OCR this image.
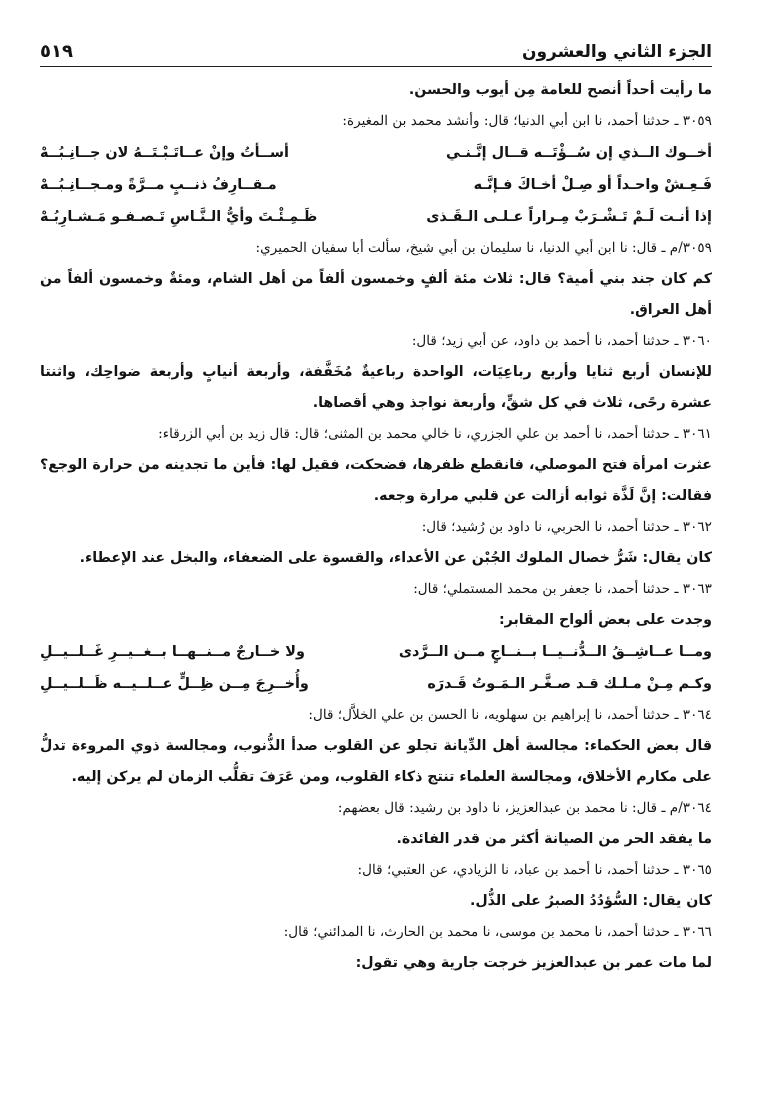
الجزء الثاني والعشرون
٥١٩

ما رأيت أحداً أنصح للعامة مِن أيوب والحسن.

٣٠٥٩ ـ حدثنا أحمد، نا ابن أبي الدنيا؛ قال: وأنشد محمد بن المغيرة:

أخــوك الــذي إن سُــؤْتَــه قــال إنَّـنـي
أســأتُ وإنْ عــاتَـبْـتَــهُ لان جــانِـبُــهْ
فَـعِـشْ واحـداً أو صِـلْ أخـاكَ فـإنَّـه
مـقــارِفُ ذنــبٍ مــرَّةً ومـجــانِـبُــهْ
إذا أنـت لَـمْ تَـشْـرَبْ مِـراراً عـلـى الـقَـذى
ظَـمِـئْـتَ وأيُّ الـنَّـاسِ تَـصـفـو مَـشـارِبُـهْ

٣٠٥٩/م ـ قال: نا ابن أبي الدنيا، نا سليمان بن أبي شيخ، سألت أبا سفيان الحميري:

كم كان جند بني أمية؟ قال: ثلاث مئة ألفٍ وخمسون ألفاً من أهل الشام، ومئةٌ وخمسون ألفاً من أهل العراق.

٣٠٦٠ ـ حدثنا أحمد، نا أحمد بن داود، عن أبي زيد؛ قال:

للإنسان أربع ثنايا وأربع رباعِيَات، الواحدة رباعيةٌ مُخَفَّفة، وأربعة أنيابٍ وأربعة ضواحِك، واثنتا عشرة رحًى، ثلاث في كل شقٍّ، وأربعة نواجذ وهي أقصاها.

٣٠٦١ ـ حدثنا أحمد، نا أحمد بن علي الجزري، نا خالي محمد بن المثنى؛ قال: قال زيد بن أبي الزرقاء:

عثرت امرأة فتح الموصلي، فانقطع ظفرها، فضحكت، فقيل لها: فأين ما تجدينه من حرارة الوجع؟ فقالت: إنَّ لَذَّة ثوابه أزالت عن قلبي مرارة وجعه.

٣٠٦٢ ـ حدثنا أحمد، نا الحربي، نا داود بن رُشيد؛ قال:

كان يقال: شَرُّ خصال الملوك الجُبْن عن الأعداء، والقسوة على الضعفاء، والبخل عند الإعطاء.

٣٠٦٣ ـ حدثنا أحمد، نا جعفر بن محمد المستملي؛ قال:

وجدت على بعض ألواح المقابر:

ومــا عــاشِــقُ الــدُّنــيــا بــنــاجٍ مــن الــرَّدى
ولا خــارجٌ مــنــهــا بــغــيــرِ غَــلــيــلِ
وكـم مِـنْ مـلـك قـد صـغَّـر الـمَـوتُ قَـدرَه
وأُخــرِجَ مِــن ظِــلٍّ عــلــيــه ظَــلــيــلِ

٣٠٦٤ ـ حدثنا أحمد، نا إبراهيم بن سهلويه، نا الحسن بن علي الخلاَّل؛ قال:

قال بعض الحكماء: مجالسة أهل الدِّيانة تجلو عن القلوب صدأ الذُّنوب، ومجالسة ذوي المروءة تدلُّ على مكارم الأخلاق، ومجالسة العلماء تنتج ذكاء القلوب، ومن عَرَفَ تقلُّب الزمان لم يركن إليه.

٣٠٦٤/م ـ قال: نا محمد بن عبدالعزيز، نا داود بن رشيد: قال بعضهم:

ما يفقد الحر من الصيانة أكثر من قدر الفائدة.

٣٠٦٥ ـ حدثنا أحمد، نا أحمد بن عباد، نا الزيادي، عن العتبي؛ قال:

كان يقال: السُّؤدُدُ الصبرُ على الذُّل.

٣٠٦٦ ـ حدثنا أحمد، نا محمد بن موسى، نا محمد بن الحارث، نا المدائني؛ قال:

لما مات عمر بن عبدالعزيز خرجت جارية وهي تقول:
